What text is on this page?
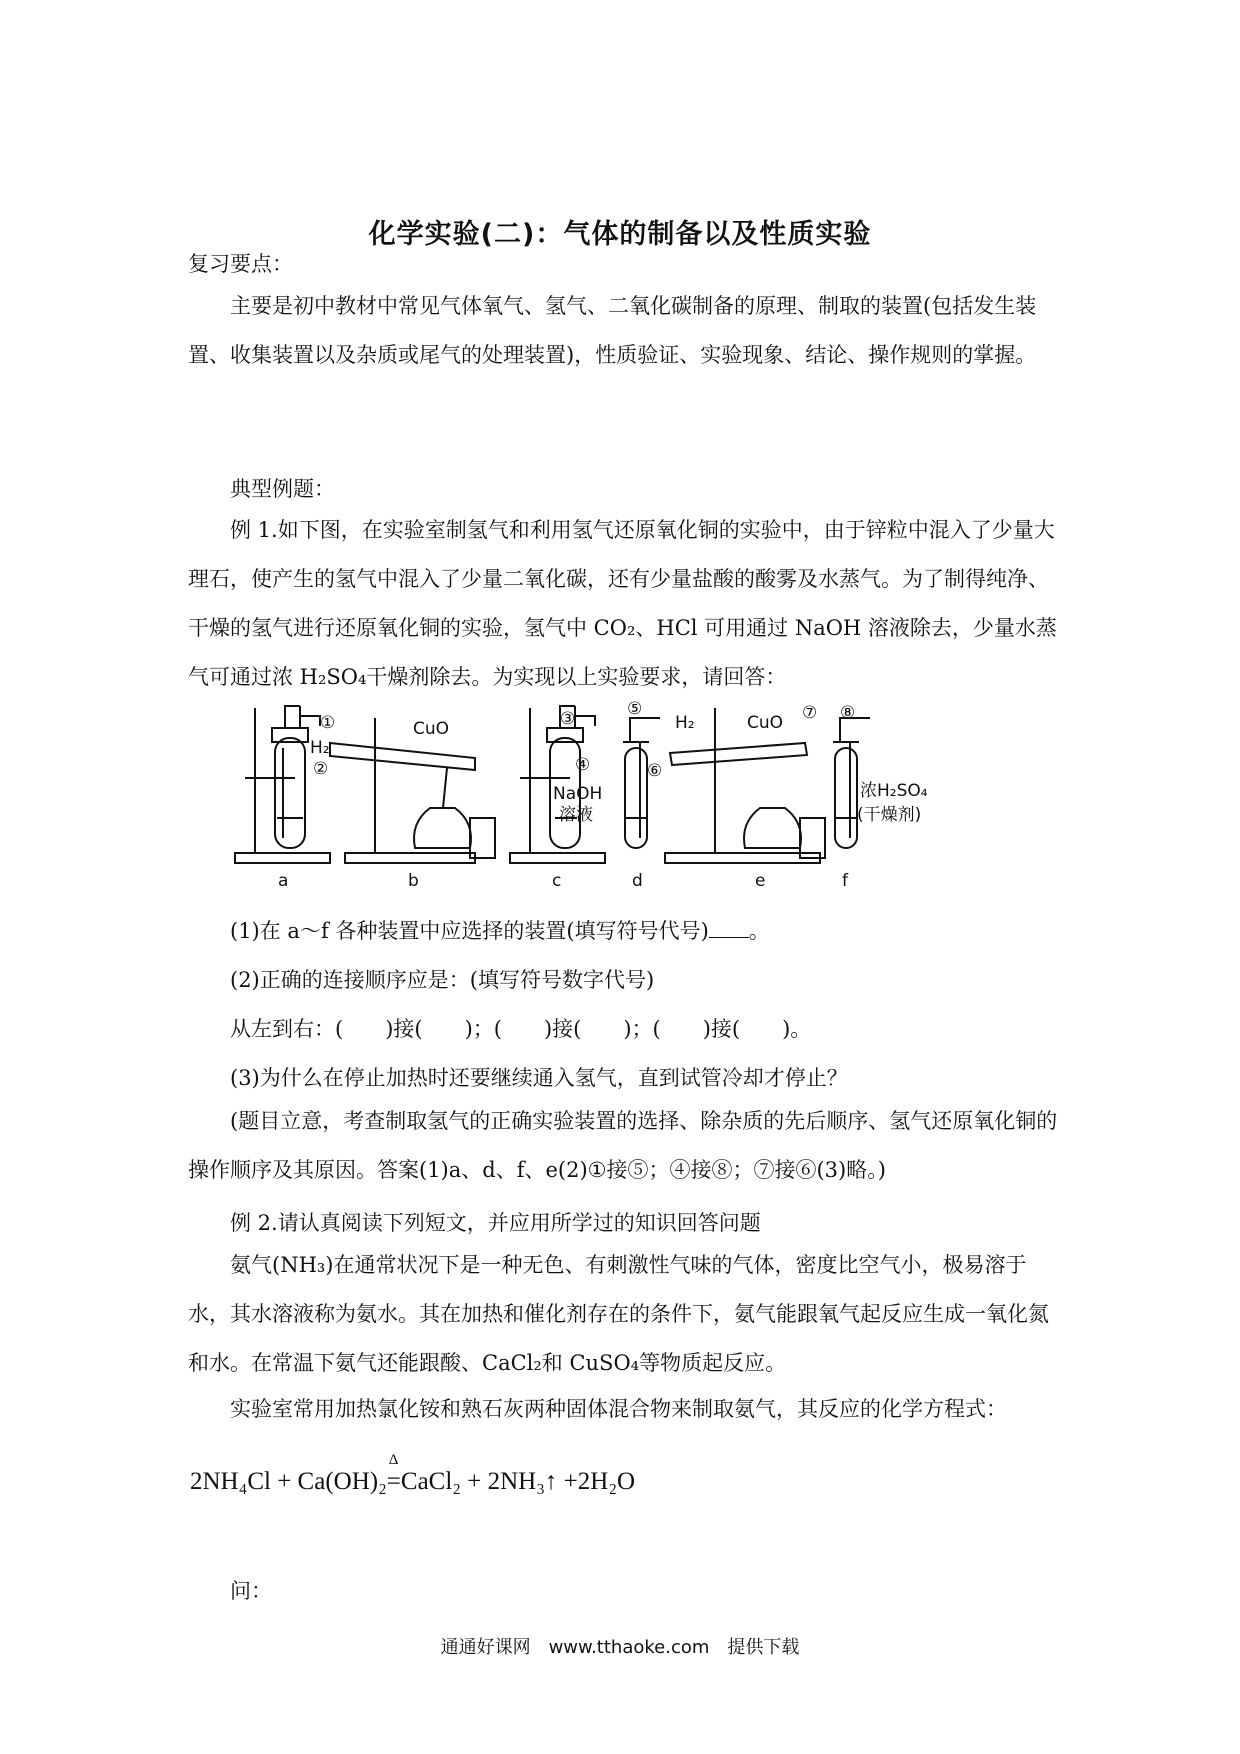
化学实验(二)：气体的制备以及性质实验
复习要点：

主要是初中教材中常见气体氧气、氢气、二氧化碳制备的原理、制取的装置(包括发生装置、收集装置以及杂质或尾气的处理装置)，性质验证、实验现象、结论、操作规则的掌握。

典型例题：

例 1.如下图，在实验室制氢气和利用氢气还原氧化铜的实验中，由于锌粒中混入了少量大理石，使产生的氢气中混入了少量二氧化碳，还有少量盐酸的酸雾及水蒸气。为了制得纯净、干燥的氢气进行还原氧化铜的实验，氢气中 CO₂、HCl 可用通过 NaOH 溶液除去，少量水蒸气可通过浓 H₂SO₄干燥剂除去。为实现以上实验要求，请回答：

①
H₂
②
CuO	③
④
⑤
NaOH
溶液
H₂
⑥
CuO ⑦ ⑧
浓H₂SO₄
(干燥剂)
a	b	c	d	e	f
(1)在 a～f 各种装置中应选择的装置(填写符号代号) 。
(2)正确的连接顺序应是：(填写符号数字代号)
从左到右：(　　)接(　　)；(　　)接(　　)；(　　)接(　　)。
(3)为什么在停止加热时还要继续通入氢气，直到试管冷却才停止？

(题目立意，考查制取氢气的正确实验装置的选择、除杂质的先后顺序、氢气还原氧化铜的操作顺序及其原因。答案(1)a、d、f、e(2)①接⑤；④接⑧；⑦接⑥(3)略。)

例 2.请认真阅读下列短文，并应用所学过的知识回答问题

氨气(NH₃)在通常状况下是一种无色、有刺激性气味的气体，密度比空气小，极易溶于水，其水溶液称为氨水。其在加热和催化剂存在的条件下，氨气能跟氧气起反应生成一氧化氮和水。在常温下氨气还能跟酸、CaCl₂和 CuSO₄等物质起反应。

实验室常用加热氯化铵和熟石灰两种固体混合物来制取氨气，其反应的化学方程式：

2NH₄Cl + Ca(OH)₂
Δ
=CaCl₂ + 2NH₃↑ +2H₂O
问：
通通好课网　www.tthaoke.com　提供下载
